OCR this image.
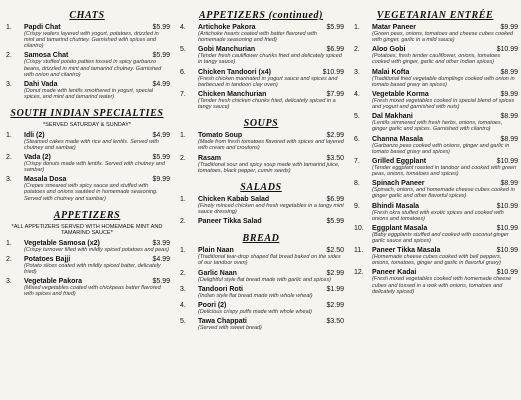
CHATS
1. Papdi Chat	$5.99
(Crispy wafers layered with yogurt, potatoes, drizzled in mint and tamarind chutney. Garnished with spices and cilantro)
2. Samosa Chat	$5.99
(Crispy stuffed potato patties tossed in spicy garbanzo beans, drizzled in mint and tamarind chutney. Garnished with onion and cilantro)
3. Dahi Vada	$4.99
(Donut made with lentils smothered in yogurt, special spices, and mint and tamarind water)
SOUTH INDIAN SPECIALTIES
*SERVED SATURDAY & SUNDAY*
1. Idli (2)	$4.99
(Steamed cakes made with rice and lentils. Served with chutney and sambar)
2. Vada (2)	$5.99
(Crispy donuts made with lentils. Served with chutney and sambar)
3. Masala Dosa	$9.99
(Crepes smeared with spicy sauce and stuffed with potatoes and onions sautéed in homemade seasoning. Served with chutney and sambar)
APPETIZERS
*ALL APPETIZERS SERVED WITH HOMEMADE MINT AND TAMARIND SAUCE*
1. Vegetable Samosa (x2)	$3.99
(Crispy turnover filled with mildly spiced potatoes and peas)
2. Potatoes Bajji	$4.99
(Potato slices coated with mildly spiced batter, delicately fried)
3. Vegetable Pakora	$5.99
(Mixed vegetables coated with chickpeas batter flavored with spices and fried)
APPETIZERS (continued)
4. Artichoke Pakora	$5.99
(Artichoke hearts coated with batter flavored with homemade seasoning and fried)
5. Gobi Manchurian	$6.99
(Tender fresh cauliflower chunks fried and delicately spiced in tangy sauce)
6. Chicken Tandoori (x4)	$10.99
(Fresh chicken marinated in yogurt sauce and spices and barbecued in tandoori clay oven)
7. Chicken Manchurian	$7.99
(Tender fresh chicken chunks fried, delicately spiced in a tangy sauce)
SOUPS
1. Tomato Soup	$2.99
(Made from fresh tomatoes flavored with spices and layered with cream and croutons)
2. Rasam	$3.50
(Traditional sour and spicy soup made with tamarind juice, tomatoes, black pepper, cumin seeds)
SALADS
1. Chicken Kabab Salad	$6.99
(Finely minced chicken and fresh vegetables in a tangy mint sauce dressing)
2. Paneer Tikka Salad	$5.99
BREAD
1. Plain Naan	$2.50
(Traditional tear-drop shaped flat bread baked on the sides of our tandoor oven)
2. Garlic Naan	$2.99
(Delightful style flat bread made with garlic and spices)
3. Tandoori Roti	$1.99
(Indian style flat bread made with whole wheat)
4. Poori (2)	$2.99
(Delicious crispy puffs made with whole wheat)
5. Tawa Chappati	$3.50
(Served with sweet bread)
VEGETARIAN ENTRÉE
1. Matar Paneer	$9.99
(Green peas, onions, tomatoes and cheese cubes cooked with ginger, garlic in a mild sauce)
2. Aloo Gobi	$10.99
(Potatoes, fresh tender cauliflower, onions, tomatoes cooked with ginger, garlic and other Indian spices)
3. Malai Kofta	$8.99
(Traditional fried vegetable dumplings cooked with onion in tomato based gravy an spices)
4. Vegetable Korma	$9.99
(Fresh mixed vegetables cooked in special blend of spices and yogurt and garnished with nuts)
5. Dal Makhani	$8.99
(Lentils simmered with fresh herbs, onions, tomatoes, ginger garlic and spices. Garnished with cilantro)
6. Channa Masala	$8.99
(Garbanzo peas cooked with onions, ginger and garlic in tomato based gravy and spices)
7. Grilled Eggplant	$10.99
(Tender eggplant roasted in tandoor and cooked with green peas, onions, tomatoes and spices)
8. Spinach Paneer	$8.99
(Spinach, onions, and homemade cheese cubes cooked in ginger garlic and other flavorful spices)
9. Bhindi Masala	$10.99
(Fresh okra stuffed with exotic spices and cooked with onions and tomatoes)
10. Eggplant Masala	$10.99
(Baby eggplants stuffed and cooked with coconut ginger garlic sauce and spices)
11. Paneer Tikka Masala	$10.99
(Homemade cheese cubes cooked with bell peppers, onions, tomatoes, ginger and garlic in flavorful gravy)
12. Paneer Kadai	$10.99
(Fresh mixed vegetables cooked with homemade cheese cubes and tossed in a wok with onions, tomatoes and delicately spiced)
